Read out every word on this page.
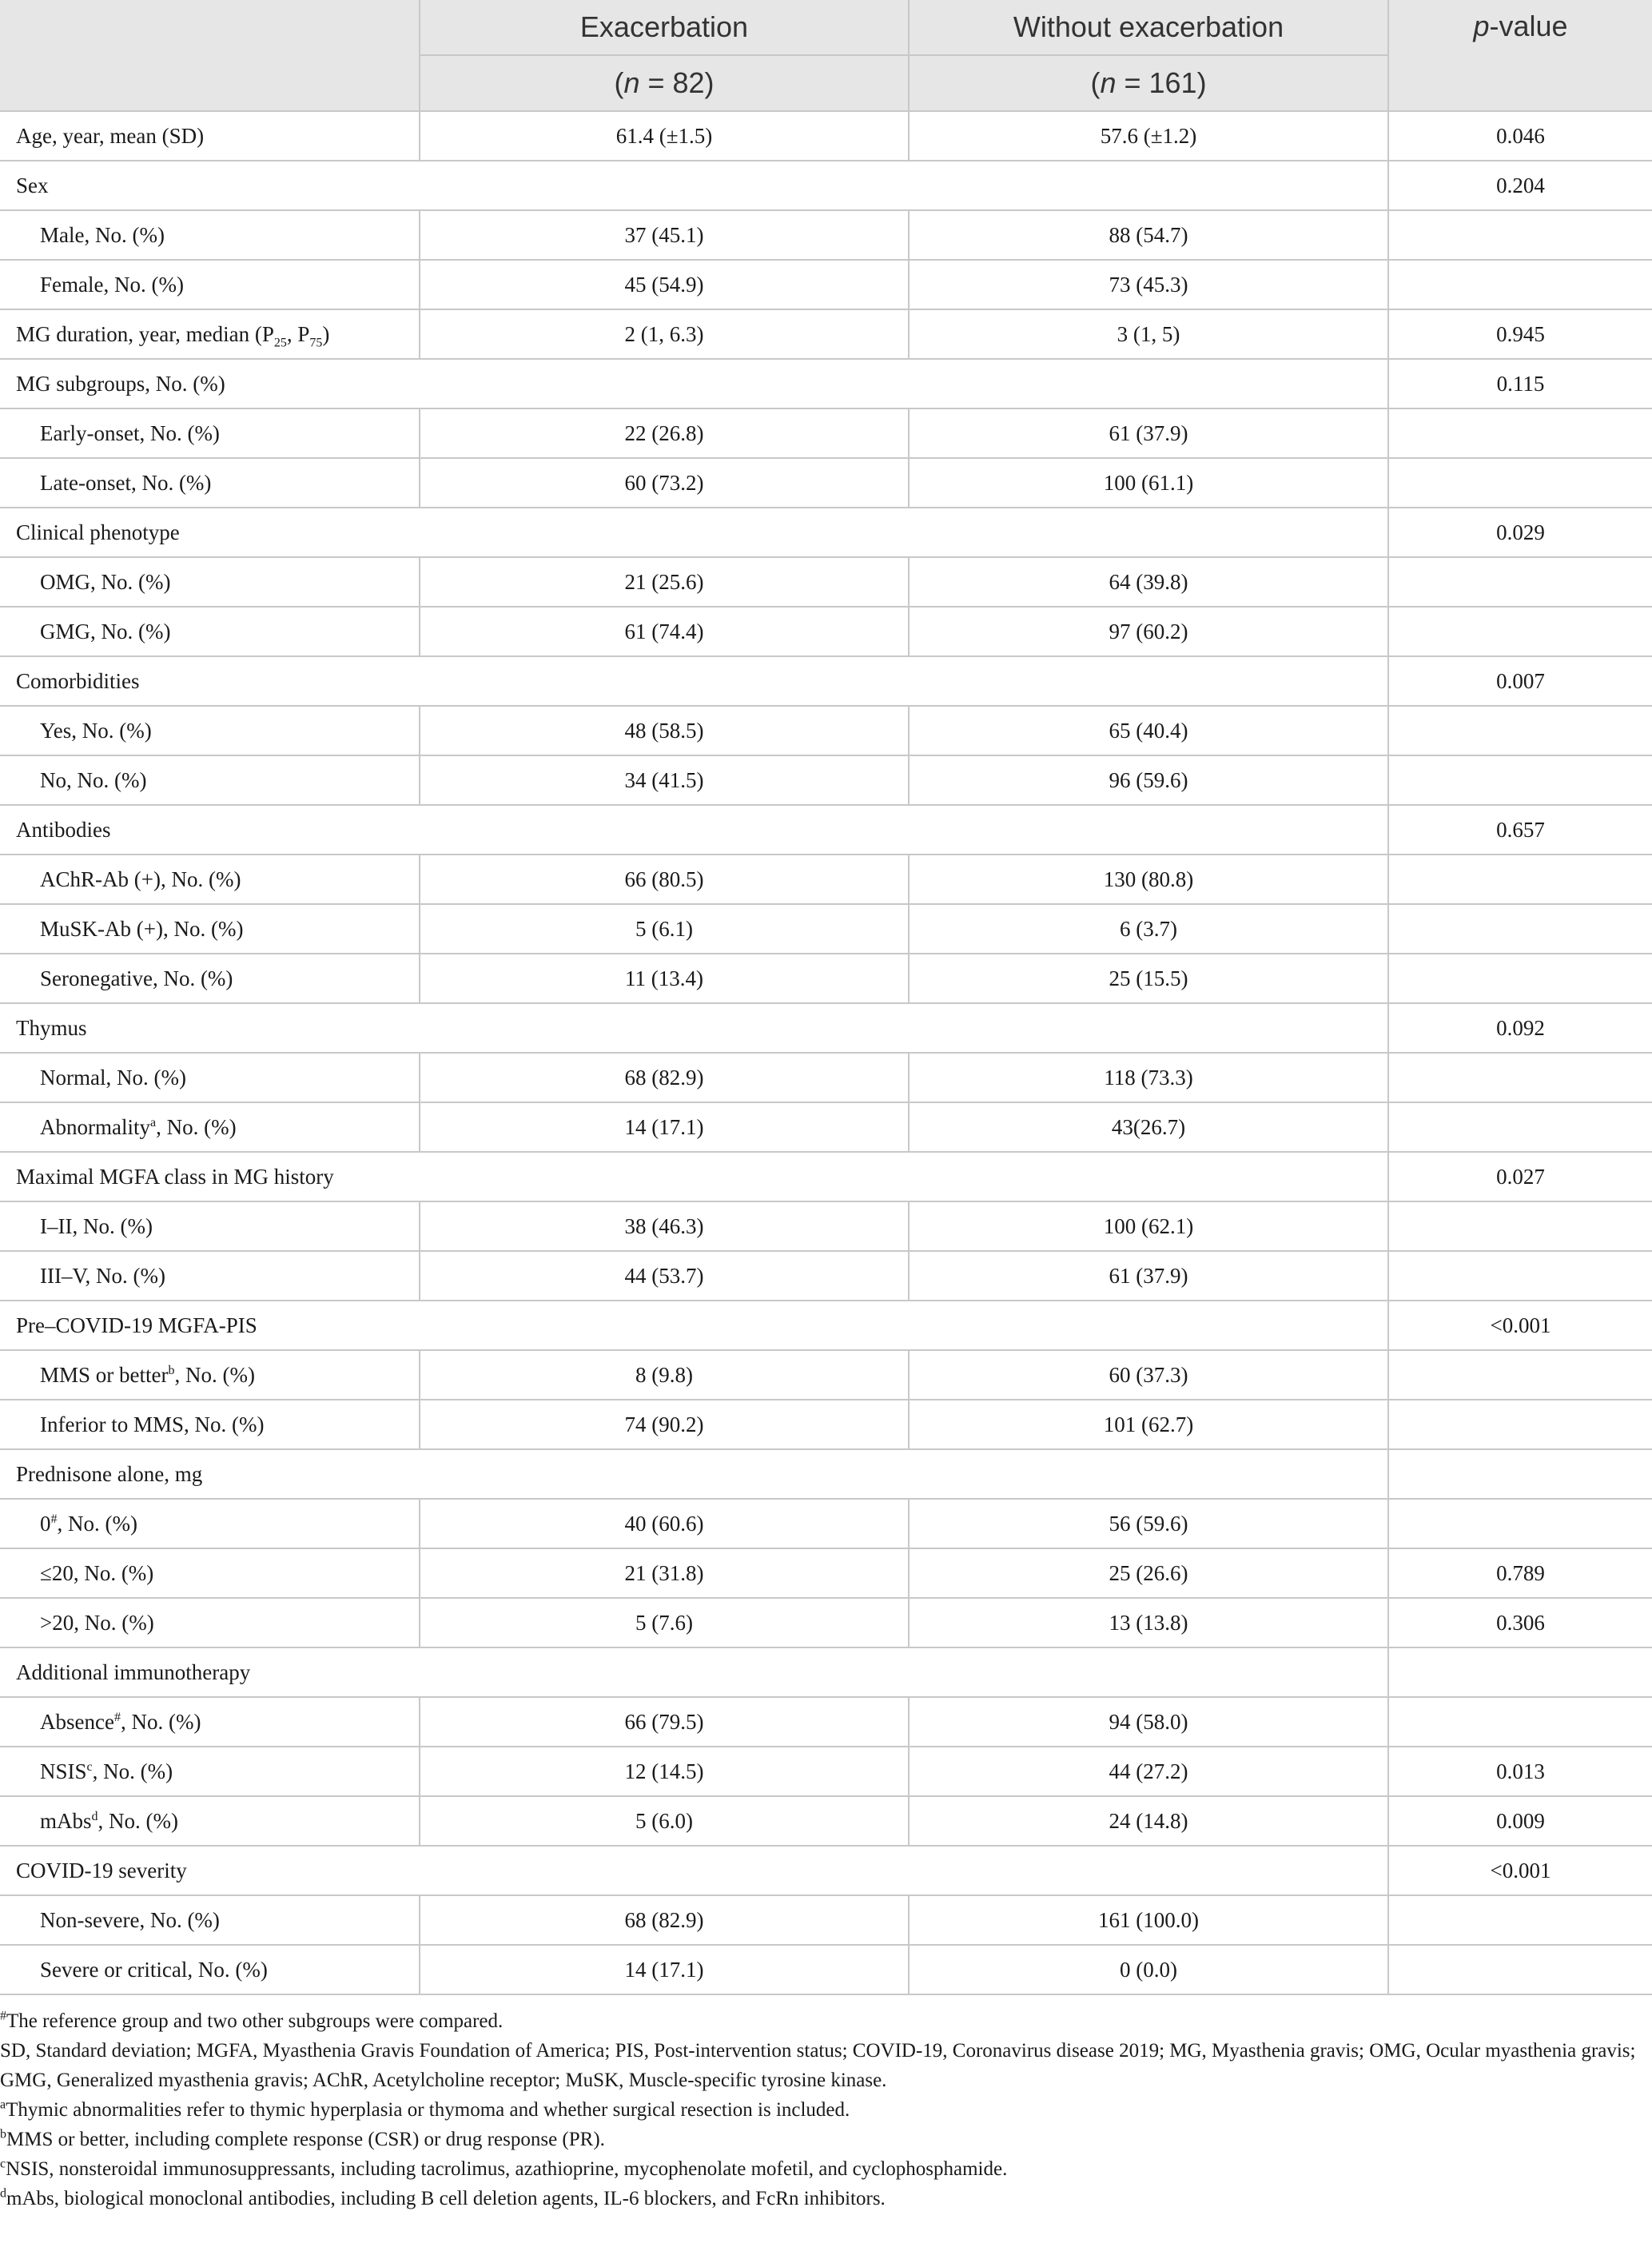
	Exacerbation	Without exacerbation	p-value
	(n = 82)	(n = 161)	
Age, year, mean (SD)	61.4 (±1.5)	57.6 (±1.2)	0.046
Sex			0.204
Male, No. (%)	37 (45.1)	88 (54.7)	
Female, No. (%)	45 (54.9)	73 (45.3)	
MG duration, year, median ($P_{25}$, $P_{75}$)	2 (1, 6.3)	3 (1, 5)	0.945
MG subgroups, No. (%)			0.115
Early-onset, No. (%)	22 (26.8)	61 (37.9)	
Late-onset, No. (%)	60 (73.2)	100 (61.1)	
Clinical phenotype			0.029
OMG, No. (%)	21 (25.6)	64 (39.8)	
GMG, No. (%)	61 (74.4)	97 (60.2)	
Comorbidities			0.007
Yes, No. (%)	48 (58.5)	65 (40.4)	
No, No. (%)	34 (41.5)	96 (59.6)	
Antibodies			0.657
AChR-Ab (+), No. (%)	66 (80.5)	130 (80.8)	
MuSK-Ab (+), No. (%)	5 (6.1)	6 (3.7)	
Seronegative, No. (%)	11 (13.4)	25 (15.5)	
Thymus			0.092
Normal, No. (%)	68 (82.9)	118 (73.3)	
Abnormality$^a$, No. (%)	14 (17.1)	43(26.7)	
Maximal MGFA class in MG history			0.027
I–II, No. (%)	38 (46.3)	100 (62.1)	
III–V, No. (%)	44 (53.7)	61 (37.9)	
Pre–COVID-19 MGFA-PIS			<0.001
MMS or better$^b$, No. (%)	8 (9.8)	60 (37.3)	
Inferior to MMS, No. (%)	74 (90.2)	101 (62.7)	
Prednisone alone, mg			
0#, No. (%)	40 (60.6)	56 (59.6)	
≤20, No. (%)	21 (31.8)	25 (26.6)	0.789
>20, No. (%)	5 (7.6)	13 (13.8)	0.306
Additional immunotherapy			
Absence#, No. (%)	66 (79.5)	94 (58.0)	
NSIS$^c$, No. (%)	12 (14.5)	44 (27.2)	0.013
mAbs$^d$, No. (%)	5 (6.0)	24 (14.8)	0.009
COVID-19 severity			<0.001
Non-severe, No. (%)	68 (82.9)	161 (100.0)	
Severe or critical, No. (%)	14 (17.1)	0 (0.0)	
#The reference group and two other subgroups were compared.
SD, Standard deviation; MGFA, Myasthenia Gravis Foundation of America; PIS, Post-intervention status; COVID-19, Coronavirus disease 2019; MG, Myasthenia gravis; OMG, Ocular myasthenia gravis; GMG, Generalized myasthenia gravis; AChR, Acetylcholine receptor; MuSK, Muscle-specific tyrosine kinase.
$^a$Thymic abnormalities refer to thymic hyperplasia or thymoma and whether surgical resection is included.
$^b$MMS or better, including complete response (CSR) or drug response (PR).
$^c$NSIS, nonsteroidal immunosuppressants, including tacrolimus, azathioprine, mycophenolate mofetil, and cyclophosphamide.
$^d$mAbs, biological monoclonal antibodies, including B cell deletion agents, IL-6 blockers, and FcRn inhibitors.
